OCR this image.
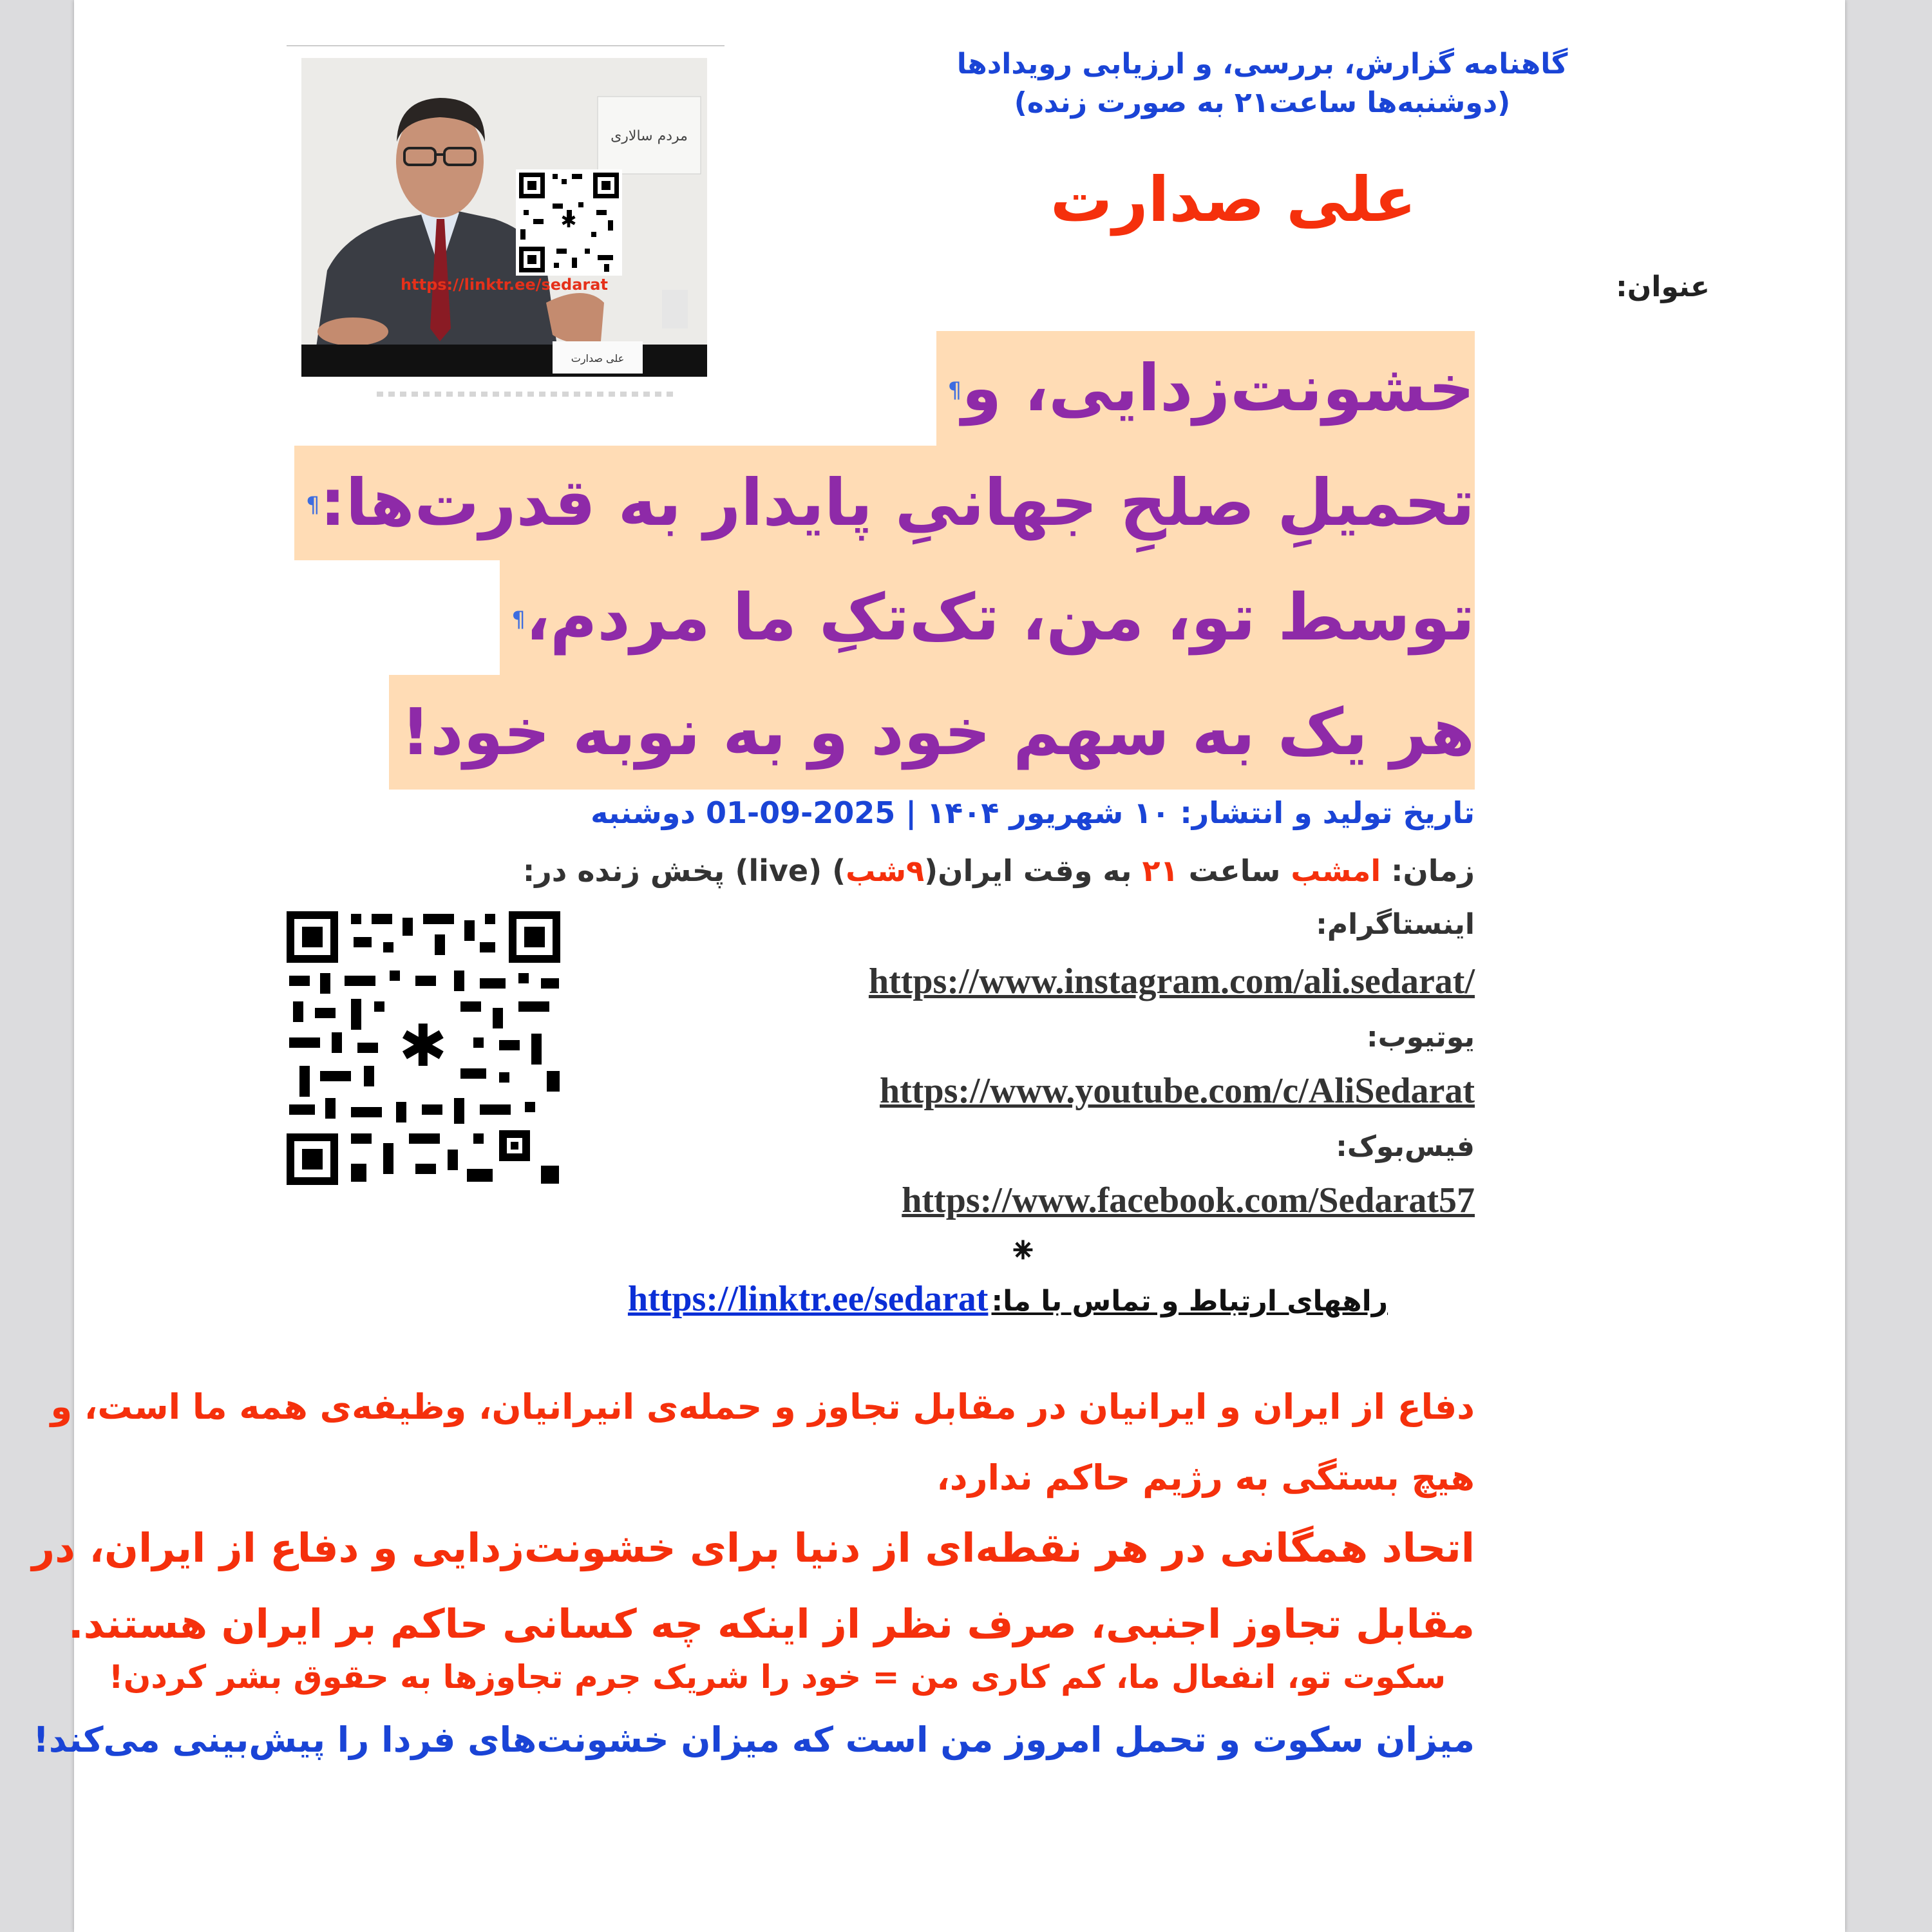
گاهنامه گزارش، بررسی، و ارزیابی رویدادها
(دوشنبه‌ها ساعت۲۱ به صورت زنده)
علی صدارت
مردم سالاری
علی صدارت
✱
https://linktr.ee/sedarat	عنوان:
خشونت‌زدایی، و¶
تحمیلِ صلحِ جهانیِ پایدار به قدرت‌ها:¶
توسط تو، من، تک‌تکِ ما مردم،¶
هر یک به سهم خود و به نوبه خود!
تاریخ تولید و انتشار: ۱۰ شهریور ۱۴۰۴ | 2025-09-01 دوشنبه
زمان: امشب ساعت ۲۱ به وقت ایران(۹شب) (live) پخش زنده در:
✱
اینستاگرام:
https://www.instagram.com/ali.sedarat/
یوتیوب:
https://www.youtube.com/c/AliSedarat
فیس‌بوک:
https://www.facebook.com/Sedarat57
⁕
https://linktr.ee/sedarat راههای ارتباط و تماس با ما:
دفاع از ایران و ایرانیان در مقابل تجاوز و حمله‌ی انیرانیان، وظیفه‌ی همه ما است، و
هیچ بستگی به رژیم حاکم ندارد،
اتحاد همگانی در هر نقطه‌ای از دنیا برای خشونت‌زدایی و دفاع از ایران، در
مقابل تجاوز اجنبی، صرف نظر از اینکه چه کسانی حاکم بر ایران هستند.
سکوت تو، انفعال ما، کم کاری من = خود را شریک جرم تجاوزها به حقوق بشر کردن!
میزان سکوت و تحمل امروز من است که میزان خشونت‌های فردا را پیش‌بینی می‌کند!
